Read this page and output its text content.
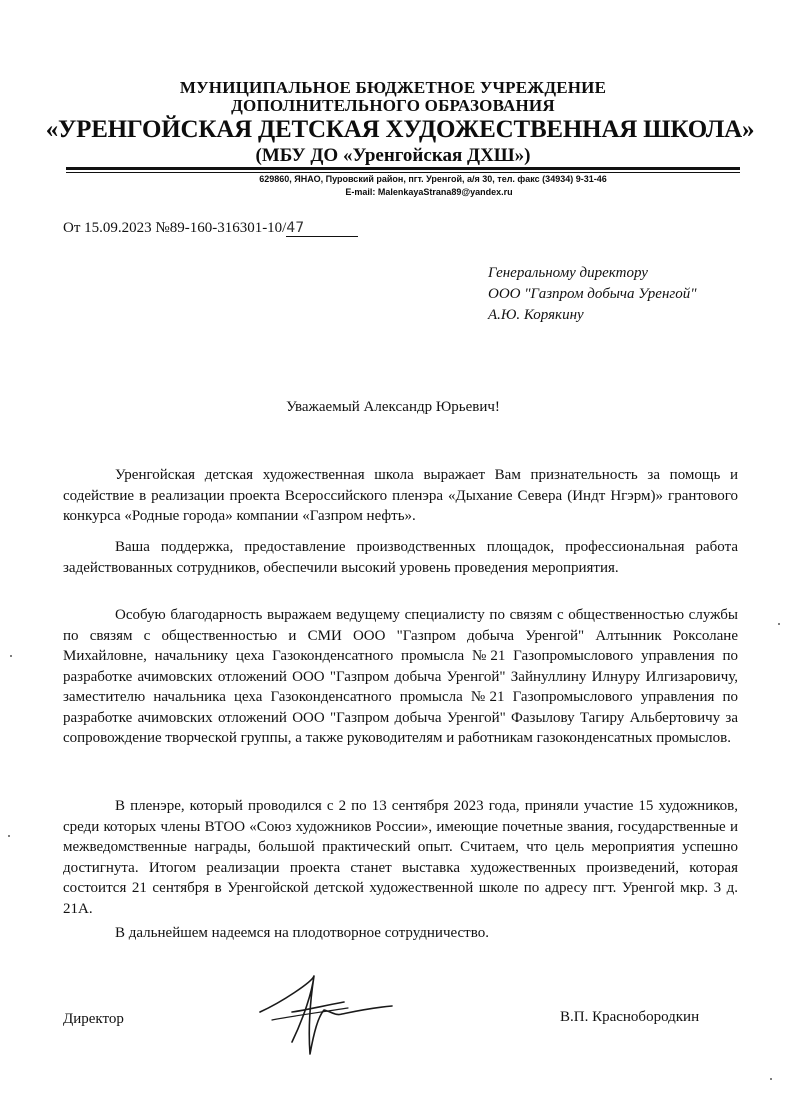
МУНИЦИПАЛЬНОЕ БЮДЖЕТНОЕ УЧРЕЖДЕНИЕ
ДОПОЛНИТЕЛЬНОГО ОБРАЗОВАНИЯ
«УРЕНГОЙСКАЯ ДЕТСКАЯ ХУДОЖЕСТВЕННАЯ ШКОЛА»
(МБУ ДО «Уренгойская ДХШ»)
629860, ЯНАО, Пуровский район, пгт. Уренгой, а/я 30, тел. факс (34934) 9-31-46
E-mail: MalenkayaStrana89@yandex.ru
От 15.09.2023 №89-160-316301-10/47
Генеральному директору
ООО "Газпром добыча Уренгой"
А.Ю. Корякину
Уважаемый Александр Юрьевич!
Уренгойская детская художественная школа выражает Вам признательность за помощь и содействие в реализации проекта Всероссийского пленэра «Дыхание Севера (Индт Нгэрм)» грантового конкурса «Родные города» компании «Газпром нефть».
Ваша поддержка, предоставление производственных площадок, профессиональная работа задействованных сотрудников, обеспечили высокий уровень проведения мероприятия.
Особую благодарность выражаем ведущему специалисту по связям с общественностью службы по связям с общественностью и СМИ ООО "Газпром добыча Уренгой" Алтынник Роксолане Михайловне, начальнику цеха Газоконденсатного промысла №21 Газопромыслового управления по разработке ачимовских отложений ООО "Газпром добыча Уренгой" Зайнуллину Илнуру Илгизаровичу, заместителю начальника цеха Газоконденсатного промысла №21 Газопромыслового управления по разработке ачимовских отложений ООО "Газпром добыча Уренгой" Фазылову Тагиру Альбертовичу за сопровождение творческой группы, а также руководителям и работникам газоконденсатных промыслов.
В пленэре, который проводился с 2 по 13 сентября 2023 года, приняли участие 15 художников, среди которых члены ВТОО «Союз художников России», имеющие почетные звания, государственные и межведомственные награды, большой практический опыт. Считаем, что цель мероприятия успешно достигнута. Итогом реализации проекта станет выставка художественных произведений, которая состоится 21 сентября в Уренгойской детской художественной школе по адресу пгт. Уренгой мкр. 3 д. 21А.
В дальнейшем надеемся на плодотворное сотрудничество.
Директор	В.П. Краснобородкин
